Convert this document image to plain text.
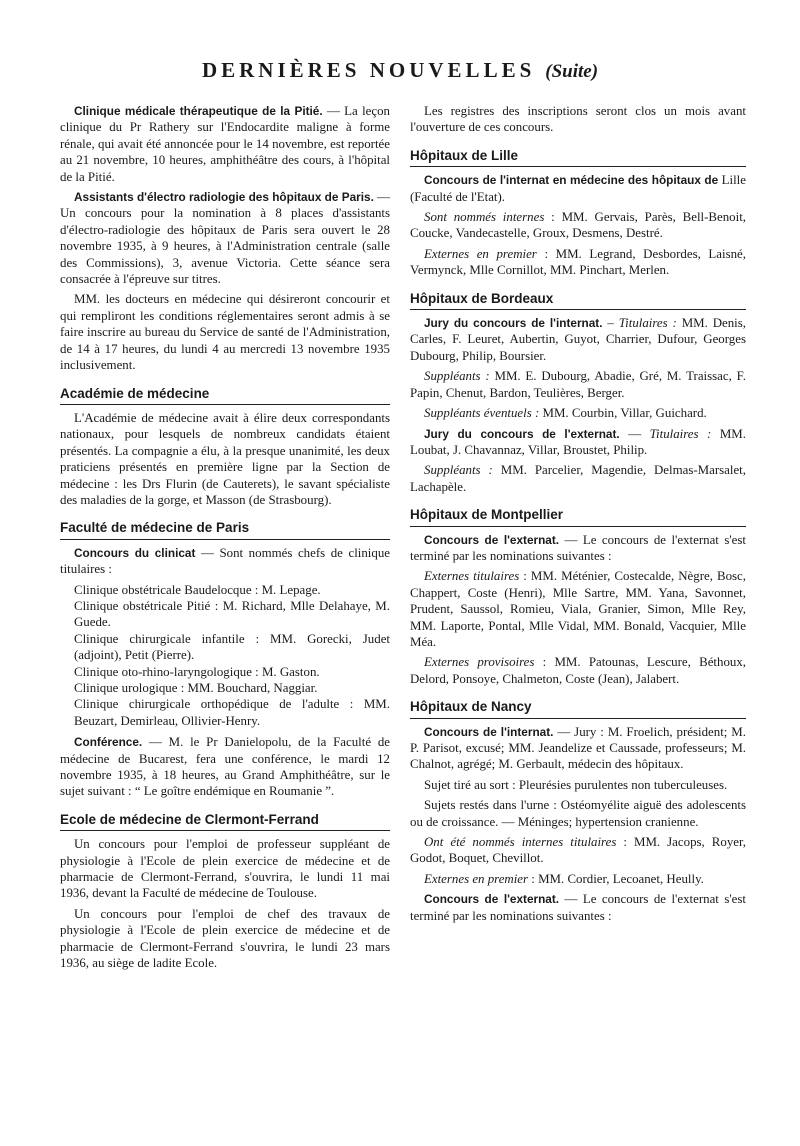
DERNIÈRES NOUVELLES (Suite)

Clinique médicale thérapeutique de la Pitié. — La leçon clinique du Pr Rathery sur l'Endocardite maligne à forme rénale, qui avait été annoncée pour le 14 novembre, est reportée au 21 novembre, 10 heures, amphithéâtre des cours, à l'hôpital de la Pitié.

Assistants d'électro radiologie des hôpitaux de Paris. — Un concours pour la nomination à 8 places d'assistants d'électro-radiologie des hôpitaux de Paris sera ouvert le 28 novembre 1935, à 9 heures, à l'Administration centrale (salle des Commissions), 3, avenue Victoria. Cette séance sera consacrée à l'épreuve sur titres.

MM. les docteurs en médecine qui désireront concourir et qui rempliront les conditions réglementaires seront admis à se faire inscrire au bureau du Service de santé de l'Administration, de 14 à 17 heures, du lundi 4 au mercredi 13 novembre 1935 inclusivement.

Académie de médecine

L'Académie de médecine avait à élire deux correspondants nationaux, pour lesquels de nombreux candidats étaient présentés. La compagnie a élu, à la presque unanimité, les deux praticiens présentés en première ligne par la Section de médecine : les Drs Flurin (de Cauterets), le savant spécialiste des maladies de la gorge, et Masson (de Strasbourg).

Faculté de médecine de Paris

Concours du clinicat — Sont nommés chefs de clinique titulaires :

Clinique obstétricale Baudelocque : M. Lepage.

Clinique obstétricale Pitié : M. Richard, Mlle Delahaye, M. Guede.

Clinique chirurgicale infantile : MM. Gorecki, Judet (adjoint), Petit (Pierre).

Clinique oto-rhino-laryngologique : M. Gaston.

Clinique urologique : MM. Bouchard, Naggiar.

Clinique chirurgicale orthopédique de l'adulte : MM. Beuzart, Demirleau, Ollivier-Henry.

Conférence. — M. le Pr Danielopolu, de la Faculté de médecine de Bucarest, fera une conférence, le mardi 12 novembre 1935, à 18 heures, au Grand Amphithéâtre, sur le sujet suivant : “ Le goître endémique en Roumanie ”.

Ecole de médecine de Clermont-Ferrand

Un concours pour l'emploi de professeur suppléant de physiologie à l'Ecole de plein exercice de médecine et de pharmacie de Clermont-Ferrand, s'ouvrira, le lundi 11 mai 1936, devant la Faculté de médecine de Toulouse.

Un concours pour l'emploi de chef des travaux de physiologie à l'Ecole de plein exercice de médecine et de pharmacie de Clermont-Ferrand s'ouvrira, le lundi 23 mars 1936, au siège de ladite Ecole.

Les registres des inscriptions seront clos un mois avant l'ouverture de ces concours.

Hôpitaux de Lille

Concours de l'internat en médecine des hôpitaux de Lille (Faculté de l'Etat).

Sont nommés internes : MM. Gervais, Parès, Bell-Benoit, Coucke, Vandecastelle, Groux, Desmens, Destré.

Externes en premier : MM. Legrand, Desbordes, Laisné, Vermynck, Mlle Cornillot, MM. Pinchart, Merlen.

Hôpitaux de Bordeaux

Jury du concours de l'internat. – Titulaires : MM. Denis, Carles, F. Leuret, Aubertin, Guyot, Charrier, Dufour, Georges Dubourg, Philip, Boursier.

Suppléants : MM. E. Dubourg, Abadie, Gré, M. Traissac, F. Papin, Chenut, Bardon, Teulières, Berger.

Suppléants éventuels : MM. Courbin, Villar, Guichard.

Jury du concours de l'externat. — Titulaires : MM. Loubat, J. Chavannaz, Villar, Broustet, Philip.

Suppléants : MM. Parcelier, Magendie, Delmas-Marsalet, Lachapèle.

Hôpitaux de Montpellier

Concours de l'externat. — Le concours de l'externat s'est terminé par les nominations suivantes :

Externes titulaires : MM. Méténier, Costecalde, Nègre, Bosc, Chappert, Coste (Henri), Mlle Sartre, MM. Yana, Savonnet, Prudent, Saussol, Romieu, Viala, Granier, Simon, Mlle Rey, MM. Laporte, Pontal, Mlle Vidal, MM. Bonald, Vacquier, Mlle Méa.

Externes provisoires : MM. Patounas, Lescure, Béthoux, Delord, Ponsoye, Chalmeton, Coste (Jean), Jalabert.

Hôpitaux de Nancy

Concours de l'internat. — Jury : M. Froelich, président; M. P. Parisot, excusé; MM. Jeandelize et Caussade, professeurs; M. Chalnot, agrégé; M. Gerbault, médecin des hôpitaux.

Sujet tiré au sort : Pleurésies purulentes non tuberculeuses.

Sujets restés dans l'urne : Ostéomyélite aiguë des adolescents ou de croissance. — Méninges; hypertension cranienne.

Ont été nommés internes titulaires : MM. Jacops, Royer, Godot, Boquet, Chevillot.

Externes en premier : MM. Cordier, Lecoanet, Heully.

Concours de l'externat. — Le concours de l'externat s'est terminé par les nominations suivantes :
